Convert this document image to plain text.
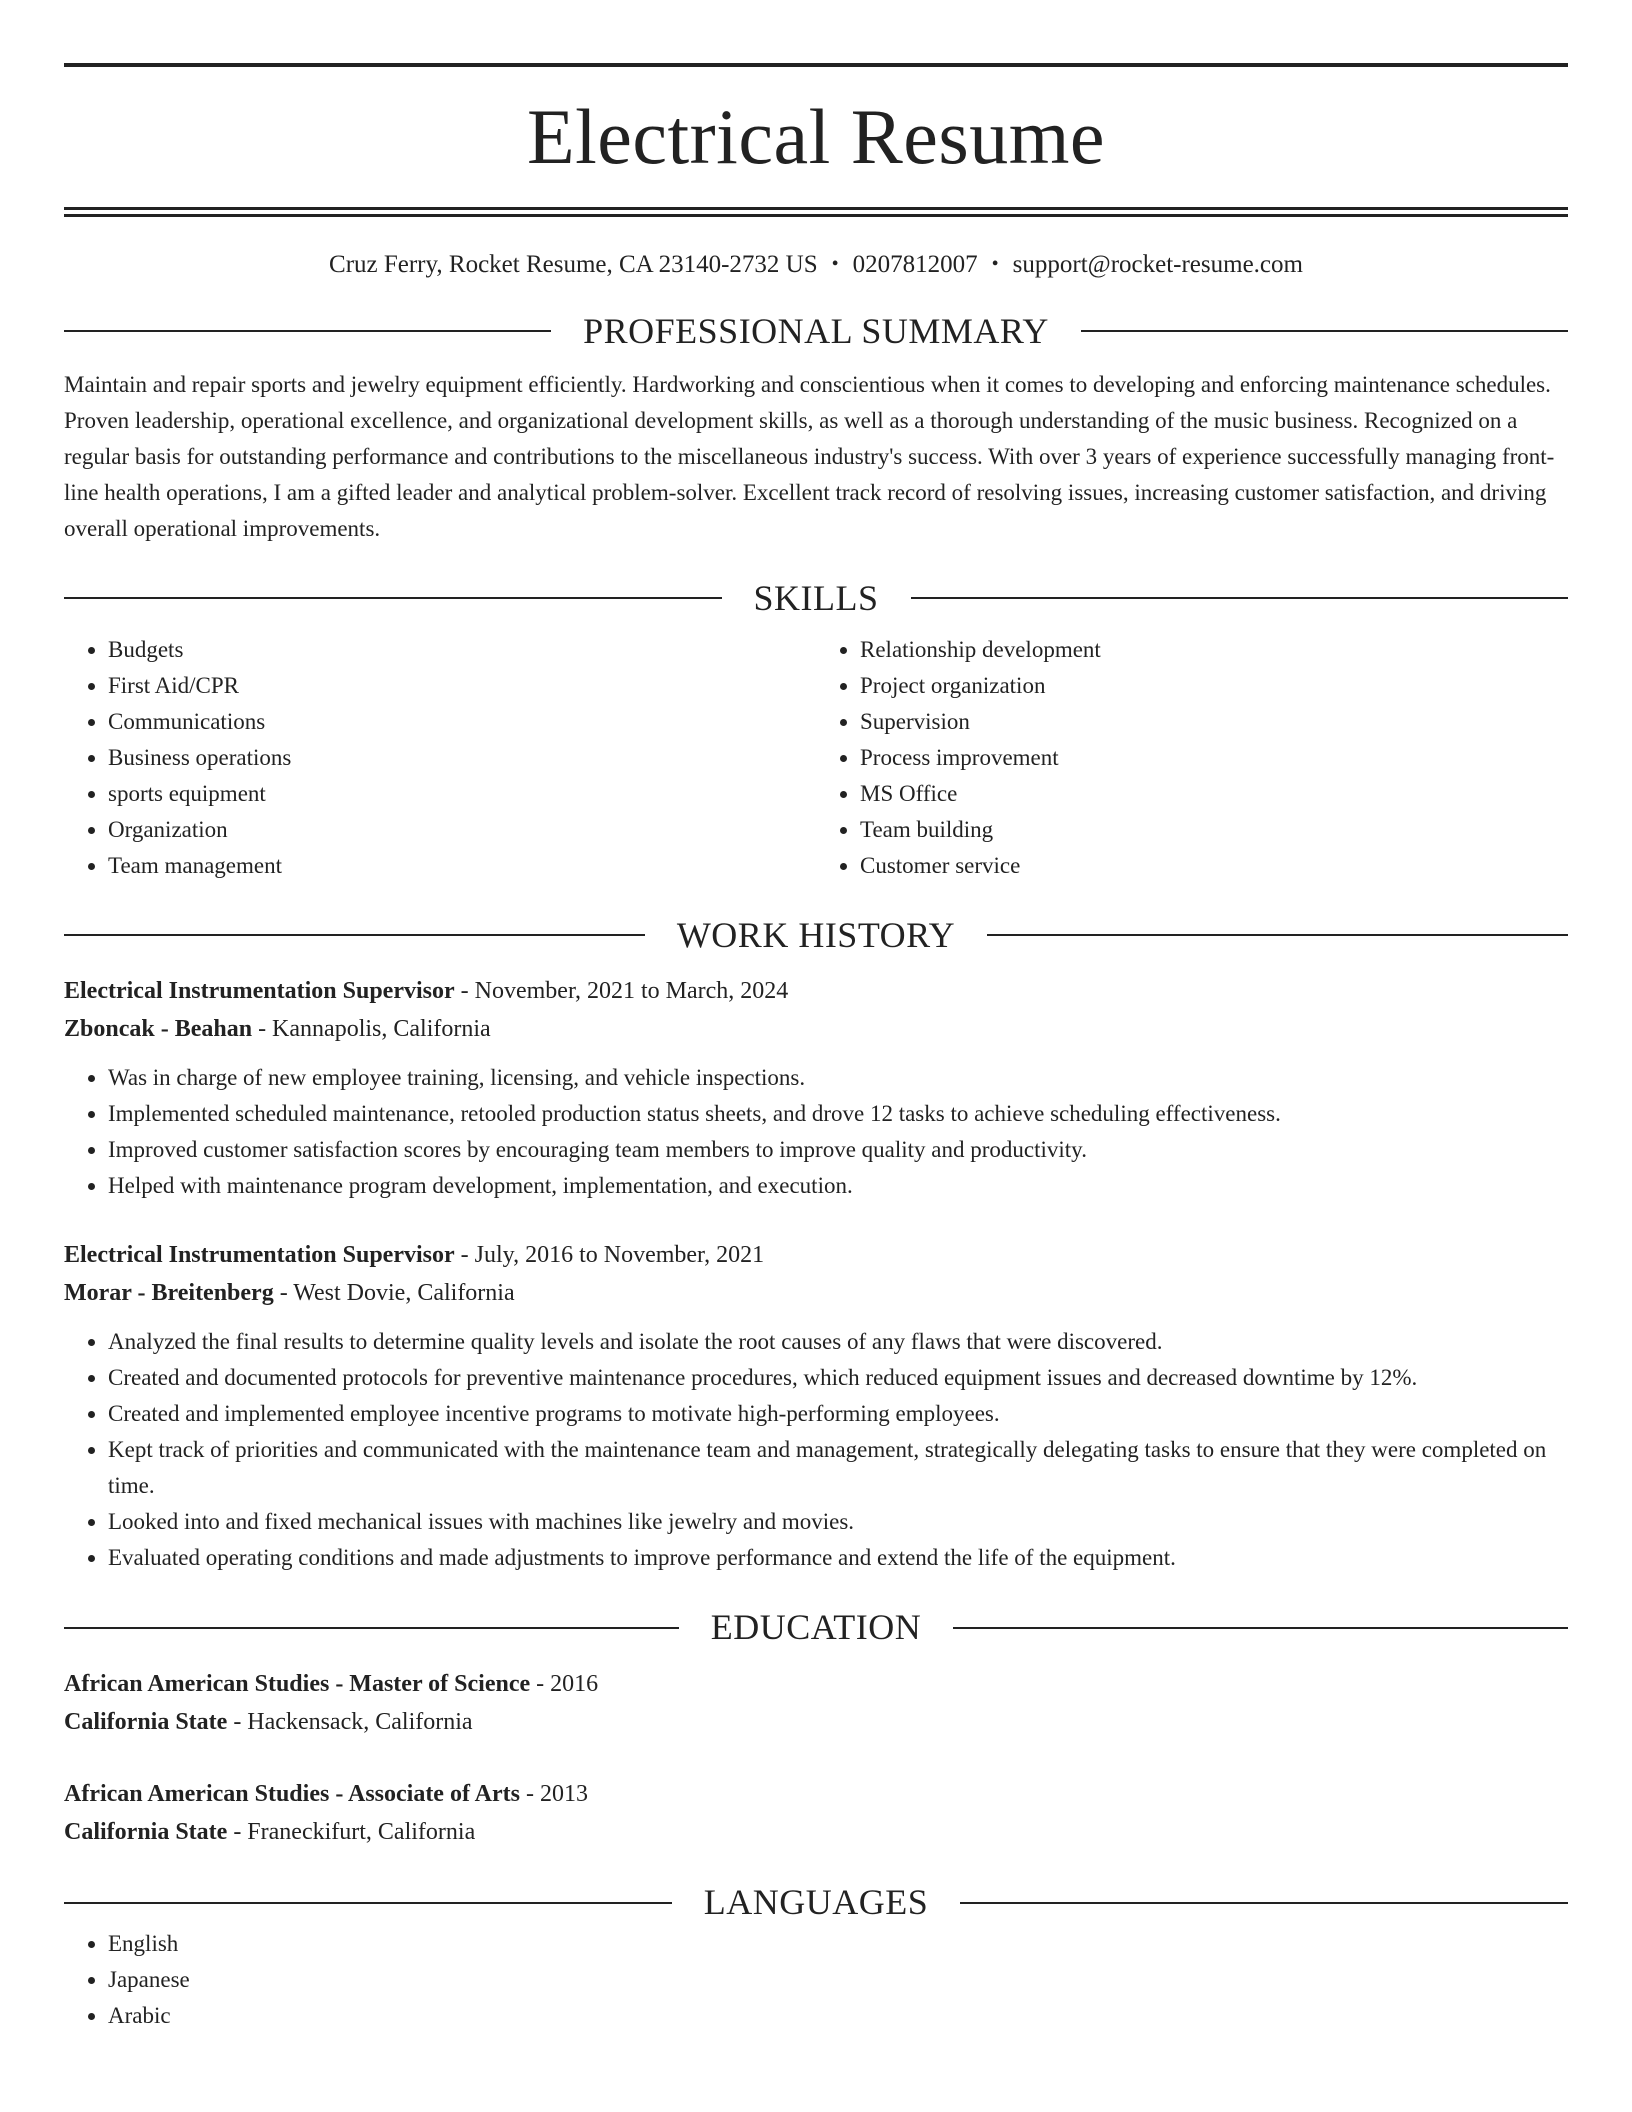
Electrical Resume
Cruz Ferry, Rocket Resume, CA 23140-2732 US • 0207812007 • support@rocket-resume.com
PROFESSIONAL SUMMARY

Maintain and repair sports and jewelry equipment efficiently. Hardworking and conscientious when it comes to developing and enforcing maintenance schedules. Proven leadership, operational excellence, and organizational development skills, as well as a thorough understanding of the music business. Recognized on a regular basis for outstanding performance and contributions to the miscellaneous industry's success. With over 3 years of experience successfully managing front-line health operations, I am a gifted leader and analytical problem-solver. Excellent track record of resolving issues, increasing customer satisfaction, and driving overall operational improvements.

SKILLS
• Budgets
• First Aid/CPR
• Communications
• Business operations
• sports equipment
• Organization
• Team management
• Relationship development
• Project organization
• Supervision
• Process improvement
• MS Office
• Team building
• Customer service
WORK HISTORY
Electrical Instrumentation Supervisor - November, 2021 to March, 2024
Zboncak - Beahan - Kannapolis, California
• Was in charge of new employee training, licensing, and vehicle inspections.
• Implemented scheduled maintenance, retooled production status sheets, and drove 12 tasks to achieve scheduling effectiveness.
• Improved customer satisfaction scores by encouraging team members to improve quality and productivity.
• Helped with maintenance program development, implementation, and execution.
Electrical Instrumentation Supervisor - July, 2016 to November, 2021
Morar - Breitenberg - West Dovie, California
• Analyzed the final results to determine quality levels and isolate the root causes of any flaws that were discovered.
• Created and documented protocols for preventive maintenance procedures, which reduced equipment issues and decreased downtime by 12%.
• Created and implemented employee incentive programs to motivate high-performing employees.
• Kept track of priorities and communicated with the maintenance team and management, strategically delegating tasks to ensure that they were completed on time.
• Looked into and fixed mechanical issues with machines like jewelry and movies.
• Evaluated operating conditions and made adjustments to improve performance and extend the life of the equipment.
EDUCATION
African American Studies - Master of Science - 2016
California State - Hackensack, California
African American Studies - Associate of Arts - 2013
California State - Franeckifurt, California
LANGUAGES
• English
• Japanese
• Arabic
